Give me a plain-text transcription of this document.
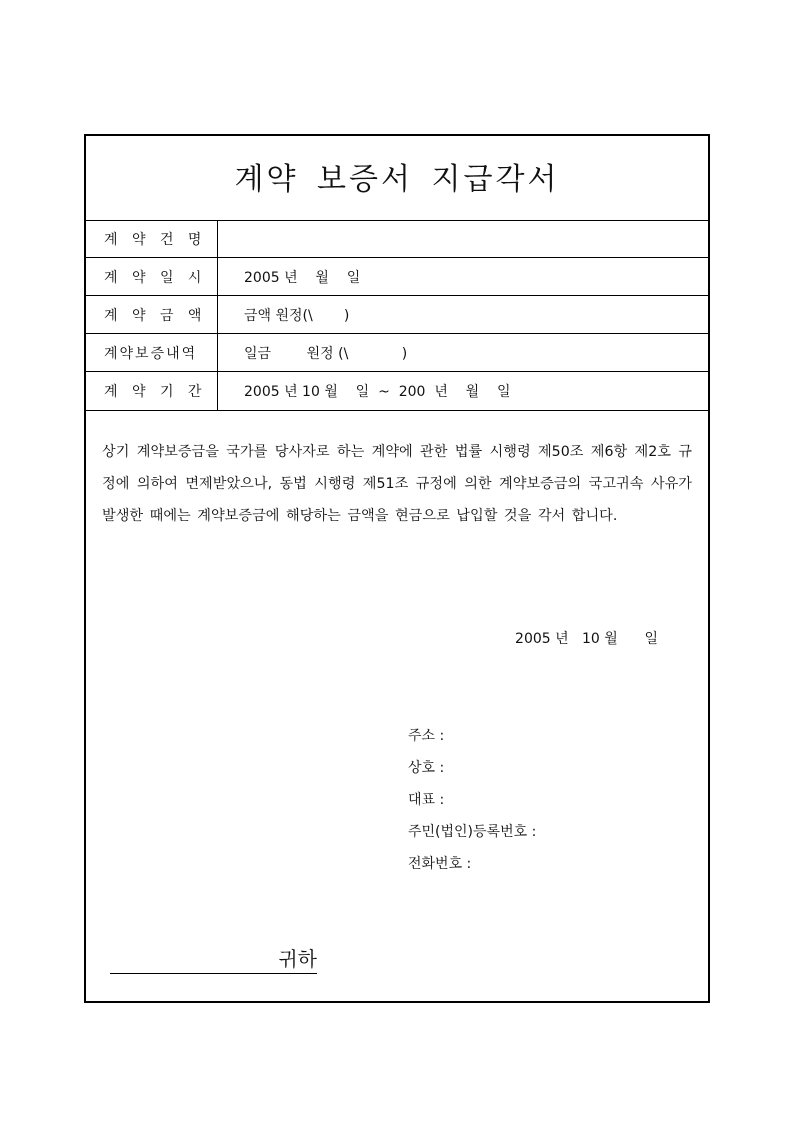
계약 보증서 지급각서
계 약 건 명
계 약 일 시	2005 년    월    일
계 약 금 액	금액 원정(\       )
계약보증내역	일금        원정 (\            )
계 약 기 간	2005 년 10 월    일  ~  200  년    월    일

상기 계약보증금을 국가를 당사자로 하는 계약에 관한 법률 시행령 제50조 제6항 제2호 규정에 의하여 면제받았으나, 동법 시행령 제51조 규정에 의한 계약보증금의 국고귀속 사유가 발생한 때에는 계약보증금에 해당하는 금액을 현금으로 납입할 것을 각서 합니다.

2005 년   10 월      일
주소 :
상호 :
대표 :
주민(법인)등록번호 :
전화번호 :
귀하
